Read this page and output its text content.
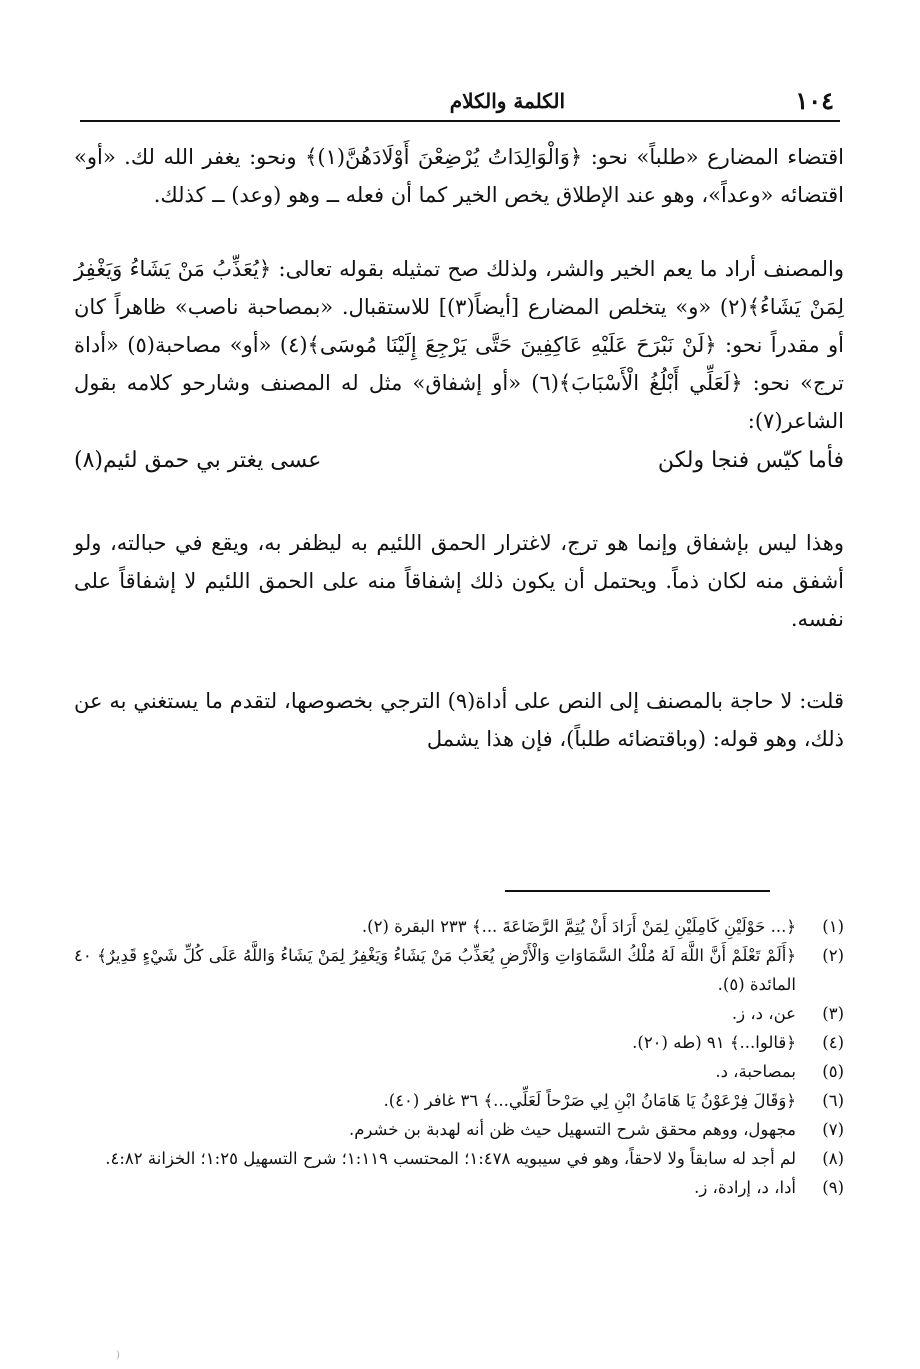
١٠٤
الكلمة والكلام

اقتضاء المضارع «طلباً» نحو: ﴿وَالْوَالِدَاتُ يُرْضِعْنَ أَوْلَادَهُنَّ(١)﴾ ونحو: يغفر الله لك. «أو» اقتضائه «وعداً»، وهو عند الإطلاق يخص الخير كما أن فعله ــ وهو (وعد) ــ كذلك.

والمصنف أراد ما يعم الخير والشر، ولذلك صح تمثيله بقوله تعالى: ﴿يُعَذِّبُ مَنْ يَشَاءُ وَيَغْفِرُ لِمَنْ يَشَاءُ﴾(٢) «و» يتخلص المضارع [أيضاً(٣)] للاستقبال. «بمصاحبة ناصب» ظاهراً كان أو مقدراً نحو: ﴿لَنْ نَبْرَحَ عَلَيْهِ عَاكِفِينَ حَتَّى يَرْجِعَ إِلَيْنَا مُوسَى﴾(٤) «أو» مصاحبة(٥) «أداة ترج» نحو: ﴿لَعَلِّي أَبْلُغُ الْأَسْبَابَ﴾(٦) «أو إشفاق» مثل له المصنف وشارحو كلامه بقول الشاعر(٧):

فأما كيّس فنجا ولكن
عسى يغتر بي حمق لئيم(٨)

وهذا ليس بإشفاق وإنما هو ترج، لاغترار الحمق اللئيم به ليظفر به، ويقع في حبالته، ولو أشفق منه لكان ذماً. ويحتمل أن يكون ذلك إشفاقاً منه على الحمق اللئيم لا إشفاقاً على نفسه.

قلت: لا حاجة بالمصنف إلى النص على أداة(٩) الترجي بخصوصها، لتقدم ما يستغني به عن ذلك، وهو قوله: (وباقتضائه طلباً)، فإن هذا يشمل

(١)
﴿... حَوْلَيْنِ كَامِلَيْنِ لِمَنْ أَرَادَ أَنْ يُتِمَّ الرَّضَاعَةَ ...﴾ ٢٣٣ البقرة (٢).
(٢)
﴿أَلَمْ تَعْلَمْ أَنَّ اللَّهَ لَهُ مُلْكُ السَّمَاوَاتِ وَالْأَرْضِ يُعَذِّبُ مَنْ يَشَاءُ وَيَغْفِرُ لِمَنْ يَشَاءُ وَاللَّهُ عَلَى كُلِّ شَيْءٍ قَدِيرٌ﴾ ٤٠ المائدة (٥).
(٣)
عن، د، ز.
(٤)
﴿قالوا...﴾ ٩١ (طه (٢٠).
(٥)
بمصاحبة، د.
(٦)
﴿وَقَالَ فِرْعَوْنُ يَا هَامَانُ ابْنِ لِي صَرْحاً لَعَلِّي...﴾ ٣٦ غافر (٤٠).
(٧)
مجهول، ووهم محقق شرح التسهيل حيث ظن أنه لهدبة بن خشرم.
(٨)
لم أجد له سابقاً ولا لاحقاً، وهو في سيبويه ١:٤٧٨؛ المحتسب ١:١١٩؛ شرح التسهيل ١:٢٥؛ الخزانة ٤:٨٢.
(٩)
أدا، د، إرادة، ز.
(
